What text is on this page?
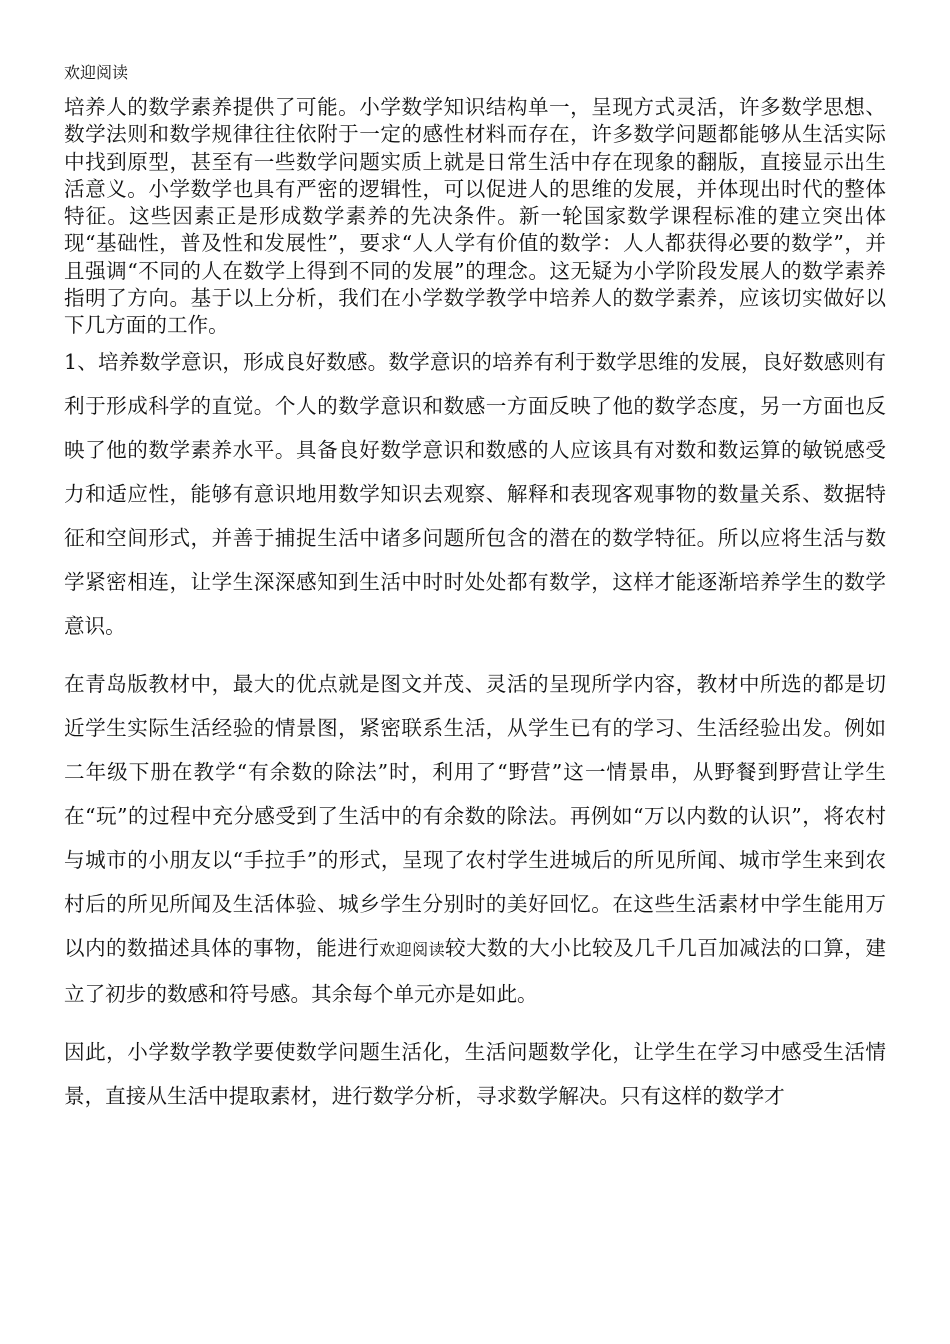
欢迎阅读

培养人的数学素养提供了可能。小学数学知识结构单一，呈现方式灵活，许多数学思想、数学法则和数学规律往往依附于一定的感性材料而存在，许多数学问题都能够从生活实际中找到原型，甚至有一些数学问题实质上就是日常生活中存在现象的翻版，直接显示出生活意义。小学数学也具有严密的逻辑性，可以促进人的思维的发展，并体现出时代的整体特征。这些因素正是形成数学素养的先决条件。新一轮国家数学课程标准的建立突出体现“基础性，普及性和发展性”，要求“人人学有价值的数学：人人都获得必要的数学”，并且强调“不同的人在数学上得到不同的发展”的理念。这无疑为小学阶段发展人的数学素养指明了方向。基于以上分析，我们在小学数学教学中培养人的数学素养，应该切实做好以下几方面的工作。

1、培养数学意识，形成良好数感。数学意识的培养有利于数学思维的发展，良好数感则有利于形成科学的直觉。个人的数学意识和数感一方面反映了他的数学态度，另一方面也反映了他的数学素养水平。具备良好数学意识和数感的人应该具有对数和数运算的敏锐感受力和适应性，能够有意识地用数学知识去观察、解释和表现客观事物的数量关系、数据特征和空间形式，并善于捕捉生活中诸多问题所包含的潜在的数学特征。所以应将生活与数学紧密相连，让学生深深感知到生活中时时处处都有数学，这样才能逐渐培养学生的数学意识。

在青岛版教材中，最大的优点就是图文并茂、灵活的呈现所学内容，教材中所选的都是切近学生实际生活经验的情景图，紧密联系生活，从学生已有的学习、生活经验出发。例如二年级下册在教学“有余数的除法”时，利用了“野营”这一情景串，从野餐到野营让学生在“玩”的过程中充分感受到了生活中的有余数的除法。再例如“万以内数的认识”，将农村与城市的小朋友以“手拉手”的形式，呈现了农村学生进城后的所见所闻、城市学生来到农村后的所见所闻及生活体验、城乡学生分别时的美好回忆。在这些生活素材中学生能用万以内的数描述具体的事物，能进行欢迎阅读较大数的大小比较及几千几百加减法的口算，建立了初步的数感和符号感。其余每个单元亦是如此。

因此，小学数学教学要使数学问题生活化，生活问题数学化，让学生在学习中感受生活情景，直接从生活中提取素材，进行数学分析，寻求数学解决。只有这样的数学才
